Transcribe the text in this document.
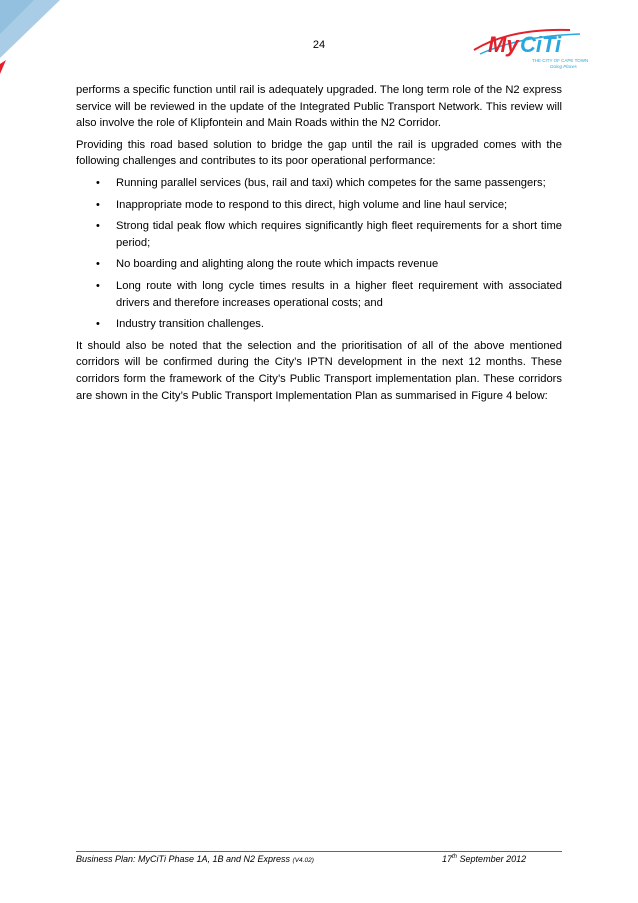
24	My CiTi
THE CITY OF CAPE TOWN
Going Places

performs a specific function until rail is adequately upgraded. The long term role of the N2 express service will be reviewed in the update of the Integrated Public Transport Network. This review will also involve the role of Klipfontein and Main Roads within the N2 Corridor.

Providing this road based solution to bridge the gap until the rail is upgraded comes with the following challenges and contributes to its poor operational performance:

• Running parallel services (bus, rail and taxi) which competes for the same passengers;
• Inappropriate mode to respond to this direct, high volume and line haul service;
• Strong tidal peak flow which requires significantly high fleet requirements for a short time period;
• No boarding and alighting along the route which impacts revenue
• Long route with long cycle times results in a higher fleet requirement with associated drivers and therefore increases operational costs; and
• Industry transition challenges.

It should also be noted that the selection and the prioritisation of all of the above mentioned corridors will be confirmed during the City’s IPTN development in the next 12 months. These corridors form the framework of the City’s Public Transport implementation plan. These corridors are shown in the City’s Public Transport Implementation Plan as summarised in Figure 4 below:

Business Plan: MyCiTi Phase 1A, 1B and N2 Express (V4.02)	17th September 2012
